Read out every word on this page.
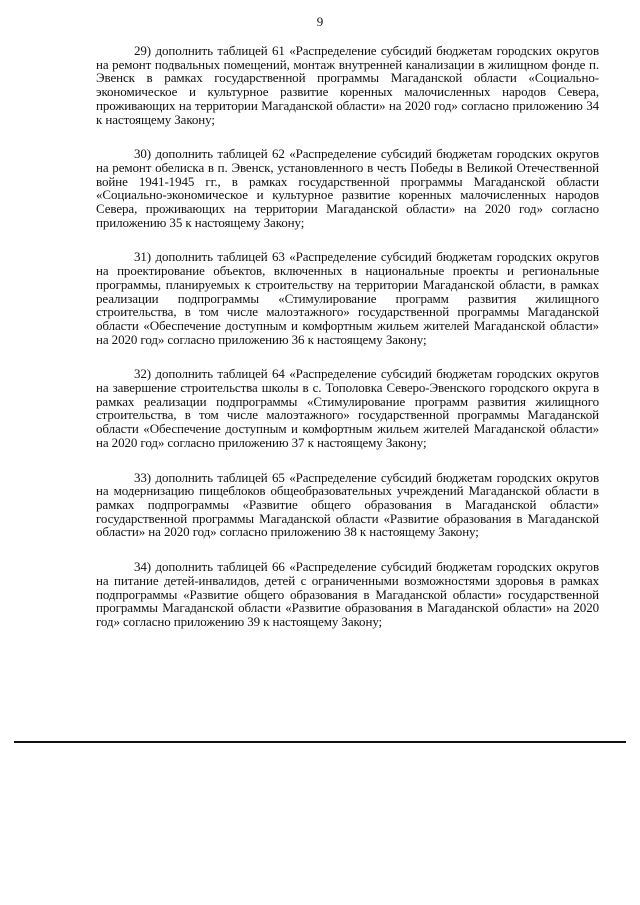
9

29) дополнить таблицей 61 «Распределение субсидий бюджетам городских округов на ремонт подвальных помещений, монтаж внутренней канализации в жилищном фонде п. Эвенск в рамках государственной программы Магаданской области «Социально-экономическое и культурное развитие коренных малочисленных народов Севера, проживающих на территории Магаданской области» на 2020 год» согласно приложению 34 к настоящему Закону;

30) дополнить таблицей 62 «Распределение субсидий бюджетам городских округов на ремонт обелиска в п. Эвенск, установленного в честь Победы в Великой Отечественной войне 1941-1945 гг., в рамках государственной программы Магаданской области «Социально-экономическое и культурное развитие коренных малочисленных народов Севера, проживающих на территории Магаданской области» на 2020 год» согласно приложению 35 к настоящему Закону;

31) дополнить таблицей 63 «Распределение субсидий бюджетам городских округов на проектирование объектов, включенных в национальные проекты и региональные программы, планируемых к строительству на территории Магаданской области, в рамках реализации подпрограммы «Стимулирование программ развития жилищного строительства, в том числе малоэтажного» государственной программы Магаданской области «Обеспечение доступным и комфортным жильем жителей Магаданской области» на 2020 год» согласно приложению 36 к настоящему Закону;

32) дополнить таблицей 64 «Распределение субсидий бюджетам городских округов на завершение строительства школы в с. Тополовка Северо-Эвенского городского округа в рамках реализации подпрограммы «Стимулирование программ развития жилищного строительства, в том числе малоэтажного» государственной программы Магаданской области «Обеспечение доступным и комфортным жильем жителей Магаданской области» на 2020 год» согласно приложению 37 к настоящему Закону;

33) дополнить таблицей 65 «Распределение субсидий бюджетам городских округов на модернизацию пищеблоков общеобразовательных учреждений Магаданской области в рамках подпрограммы «Развитие общего образования в Магаданской области» государственной программы Магаданской области «Развитие образования в Магаданской области» на 2020 год» согласно приложению 38 к настоящему Закону;

34) дополнить таблицей 66 «Распределение субсидий бюджетам городских округов на питание детей-инвалидов, детей с ограниченными возможностями здоровья в рамках подпрограммы «Развитие общего образования в Магаданской области» государственной программы Магаданской области «Развитие образования в Магаданской области» на 2020 год» согласно приложению 39 к настоящему Закону;
